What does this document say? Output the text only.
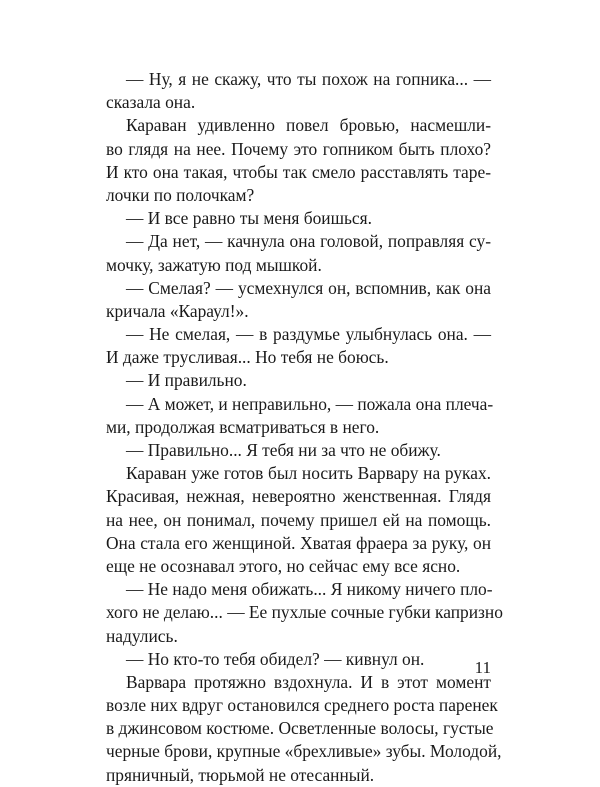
— Ну, я не скажу, что ты похож на гопника... —
сказала она.
Караван удивленно повел бровью, насмешли-
во глядя на нее. Почему это гопником быть плохо?
И кто она такая, чтобы так смело расставлять таре-
лочки по полочкам?
— И все равно ты меня боишься.
— Да нет, — качнула она головой, поправляя су-
мочку, зажатую под мышкой.
— Смелая? — усмехнулся он, вспомнив, как она
кричала «Караул!».
— Не смелая, — в раздумье улыбнулась она. —
И даже трусливая... Но тебя не боюсь.
— И правильно.
— А может, и неправильно, — пожала она плеча-
ми, продолжая всматриваться в него.
— Правильно... Я тебя ни за что не обижу.
Караван уже готов был носить Варвару на руках.
Красивая, нежная, невероятно женственная. Глядя
на нее, он понимал, почему пришел ей на помощь.
Она стала его женщиной. Хватая фраера за руку, он
еще не осознавал этого, но сейчас ему все ясно.
— Не надо меня обижать... Я никому ничего пло-
хого не делаю... — Ее пухлые сочные губки капризно
надулись.
— Но кто-то тебя обидел? — кивнул он.
Варвара протяжно вздохнула. И в этот момент
возле них вдруг остановился среднего роста паренек
в джинсовом костюме. Осветленные волосы, густые
черные брови, крупные «брехливые» зубы. Молодой,
пряничный, тюрьмой не отесанный.
11
